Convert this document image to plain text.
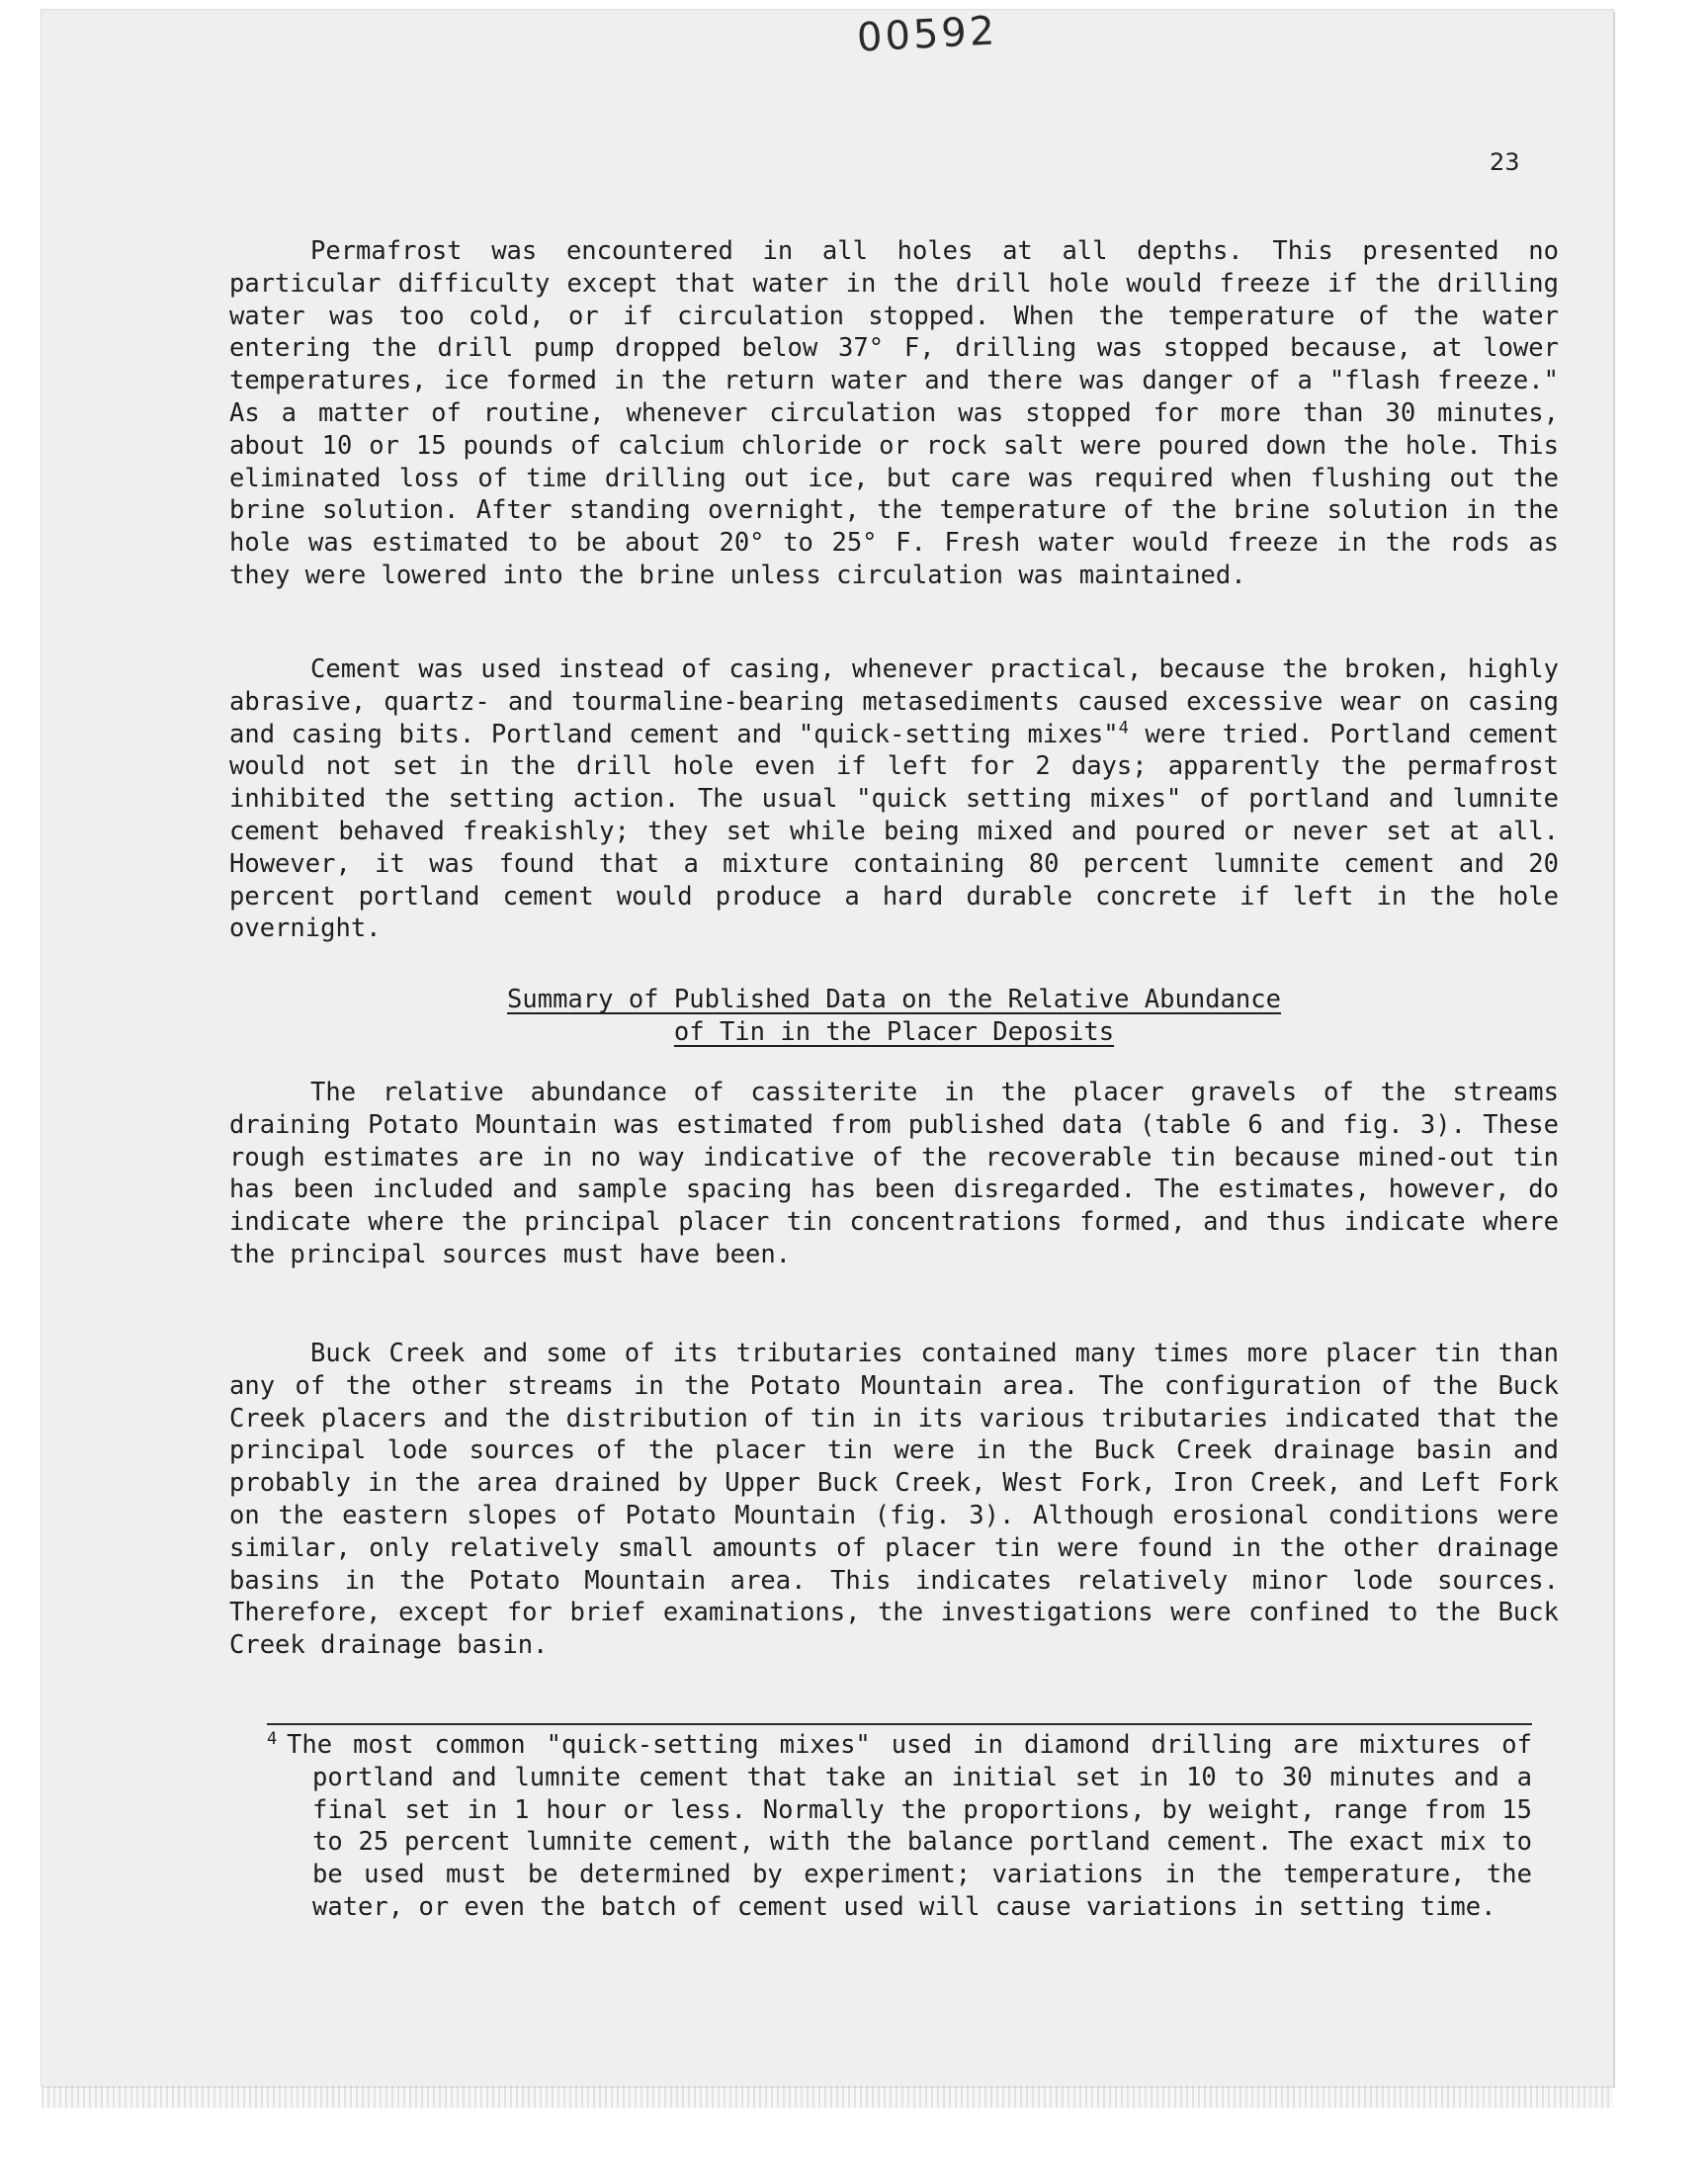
00592

23

Permafrost was encountered in all holes at all depths. This presented no particular difficulty except that water in the drill hole would freeze if the drilling water was too cold, or if circulation stopped. When the temperature of the water entering the drill pump dropped below 37° F, drilling was stopped because, at lower temperatures, ice formed in the return water and there was danger of a "flash freeze." As a matter of routine, whenever circulation was stopped for more than 30 minutes, about 10 or 15 pounds of calcium chloride or rock salt were poured down the hole. This eliminated loss of time drilling out ice, but care was required when flushing out the brine solution. After standing overnight, the temperature of the brine solution in the hole was estimated to be about 20° to 25° F. Fresh water would freeze in the rods as they were lowered into the brine unless circulation was maintained.

Cement was used instead of casing, whenever practical, because the broken, highly abrasive, quartz- and tourmaline-bearing metasediments caused excessive wear on casing and casing bits. Portland cement and "quick-setting mixes"$^4$ were tried. Portland cement would not set in the drill hole even if left for 2 days; apparently the permafrost inhibited the setting action. The usual "quick setting mixes" of portland and lumnite cement behaved freakishly; they set while being mixed and poured or never set at all. However, it was found that a mixture containing 80 percent lumnite cement and 20 percent portland cement would produce a hard durable concrete if left in the hole overnight.

Summary of Published Data on the Relative Abundance
of Tin in the Placer Deposits

The relative abundance of cassiterite in the placer gravels of the streams draining Potato Mountain was estimated from published data (table 6 and fig. 3). These rough estimates are in no way indicative of the recoverable tin because mined-out tin has been included and sample spacing has been disregarded. The estimates, however, do indicate where the principal placer tin concentrations formed, and thus indicate where the principal sources must have been.

Buck Creek and some of its tributaries contained many times more placer tin than any of the other streams in the Potato Mountain area. The configuration of the Buck Creek placers and the distribution of tin in its various tributaries indicated that the principal lode sources of the placer tin were in the Buck Creek drainage basin and probably in the area drained by Upper Buck Creek, West Fork, Iron Creek, and Left Fork on the eastern slopes of Potato Mountain (fig. 3). Although erosional conditions were similar, only relatively small amounts of placer tin were found in the other drainage basins in the Potato Mountain area. This indicates relatively minor lode sources. Therefore, except for brief examinations, the investigations were confined to the Buck Creek drainage basin.

4 The most common "quick-setting mixes" used in diamond drilling are mixtures of portland and lumnite cement that take an initial set in 10 to 30 minutes and a final set in 1 hour or less. Normally the proportions, by weight, range from 15 to 25 percent lumnite cement, with the balance portland cement. The exact mix to be used must be determined by experiment; variations in the temperature, the water, or even the batch of cement used will cause variations in setting time.
